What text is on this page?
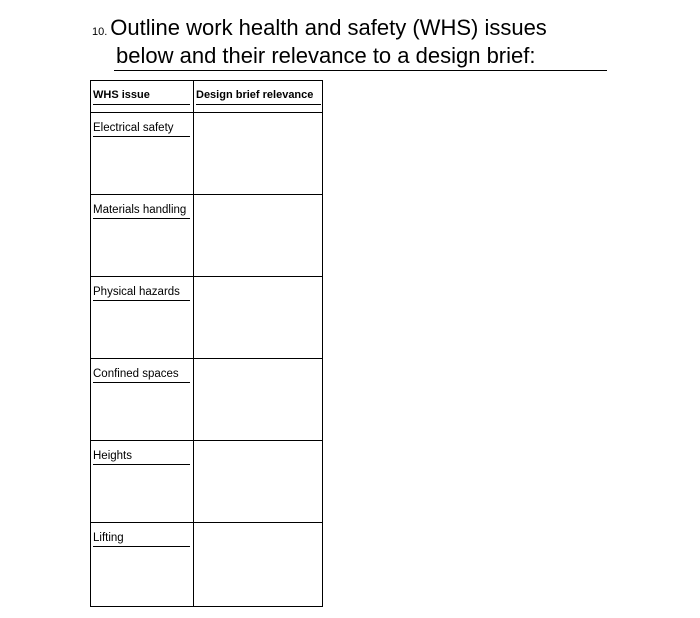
10. Outline work health and safety (WHS) issues
below and their relevance to a design brief:
WHS issue	Design brief relevance
Electrical safety
Materials handling
Physical hazards
Confined spaces
Heights
Lifting
